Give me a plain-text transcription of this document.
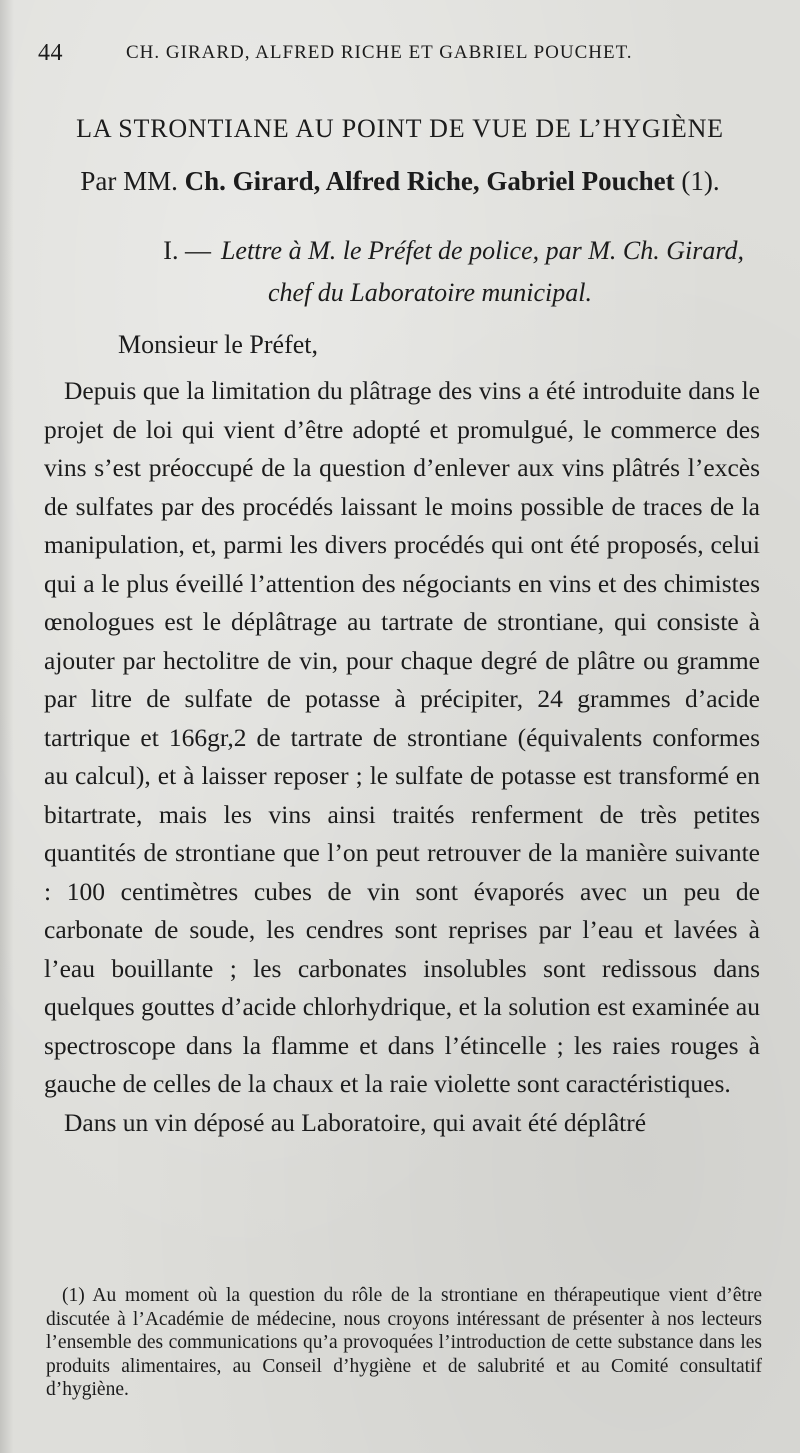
44	CH. GIRARD, ALFRED RICHE ET GABRIEL POUCHET.
LA STRONTIANE AU POINT DE VUE DE L’HYGIÈNE
Par MM. Ch. Girard, Alfred Riche, Gabriel Pouchet (1).
I. — Lettre à M. le Préfet de police, par M. Ch. Girard,
chef du Laboratoire municipal.
Monsieur le Préfet,

Depuis que la limitation du plâtrage des vins a été introduite dans le projet de loi qui vient d’être adopté et promulgué, le commerce des vins s’est préoccupé de la question d’enlever aux vins plâtrés l’excès de sulfates par des procédés laissant le moins possible de traces de la manipulation, et, parmi les divers procédés qui ont été proposés, celui qui a le plus éveillé l’attention des négociants en vins et des chimistes œnologues est le déplâtrage au tartrate de strontiane, qui consiste à ajouter par hectolitre de vin, pour chaque degré de plâtre ou gramme par litre de sulfate de potasse à précipiter, 24 grammes d’acide tartrique et 166gr,2 de tartrate de strontiane (équivalents conformes au calcul), et à laisser reposer ; le sulfate de potasse est transformé en bitartrate, mais les vins ainsi traités renferment de très petites quantités de strontiane que l’on peut retrouver de la manière suivante : 100 centimètres cubes de vin sont évaporés avec un peu de carbonate de soude, les cendres sont reprises par l’eau et lavées à l’eau bouillante ; les carbonates insolubles sont redissous dans quelques gouttes d’acide chlorhydrique, et la solution est examinée au spectroscope dans la flamme et dans l’étincelle ; les raies rouges à gauche de celles de la chaux et la raie violette sont caractéristiques.

Dans un vin déposé au Laboratoire, qui avait été déplâtré

(1) Au moment où la question du rôle de la strontiane en thérapeutique vient d’être discutée à l’Académie de médecine, nous croyons intéressant de présenter à nos lecteurs l’ensemble des communications qu’a provoquées l’introduction de cette substance dans les produits alimentaires, au Conseil d’hygiène et de salubrité et au Comité consultatif d’hygiène.
